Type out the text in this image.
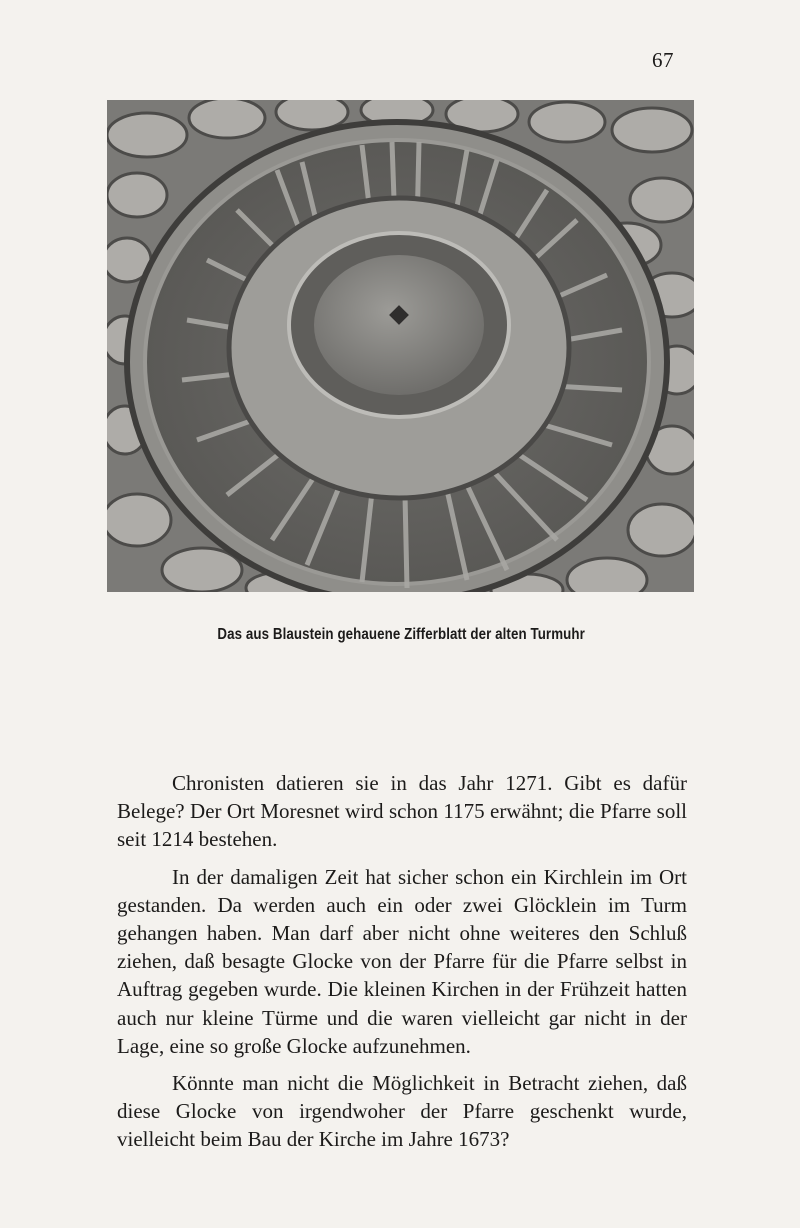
67
Das aus Blaustein gehauene Zifferblatt der alten Turmuhr

Chronisten datieren sie in das Jahr 1271. Gibt es dafür Belege? Der Ort Moresnet wird schon 1175 erwähnt; die Pfarre soll seit 1214 bestehen.

In der damaligen Zeit hat sicher schon ein Kirchlein im Ort gestanden. Da werden auch ein oder zwei Glöcklein im Turm gehangen haben. Man darf aber nicht ohne weiteres den Schluß ziehen, daß besagte Glocke von der Pfarre für die Pfarre selbst in Auftrag gegeben wurde. Die kleinen Kirchen in der Frühzeit hatten auch nur kleine Türme und die waren vielleicht gar nicht in der Lage, eine so große Glocke aufzunehmen.

Könnte man nicht die Möglichkeit in Betracht ziehen, daß diese Glocke von irgendwoher der Pfarre geschenkt wurde, vielleicht beim Bau der Kirche im Jahre 1673?
